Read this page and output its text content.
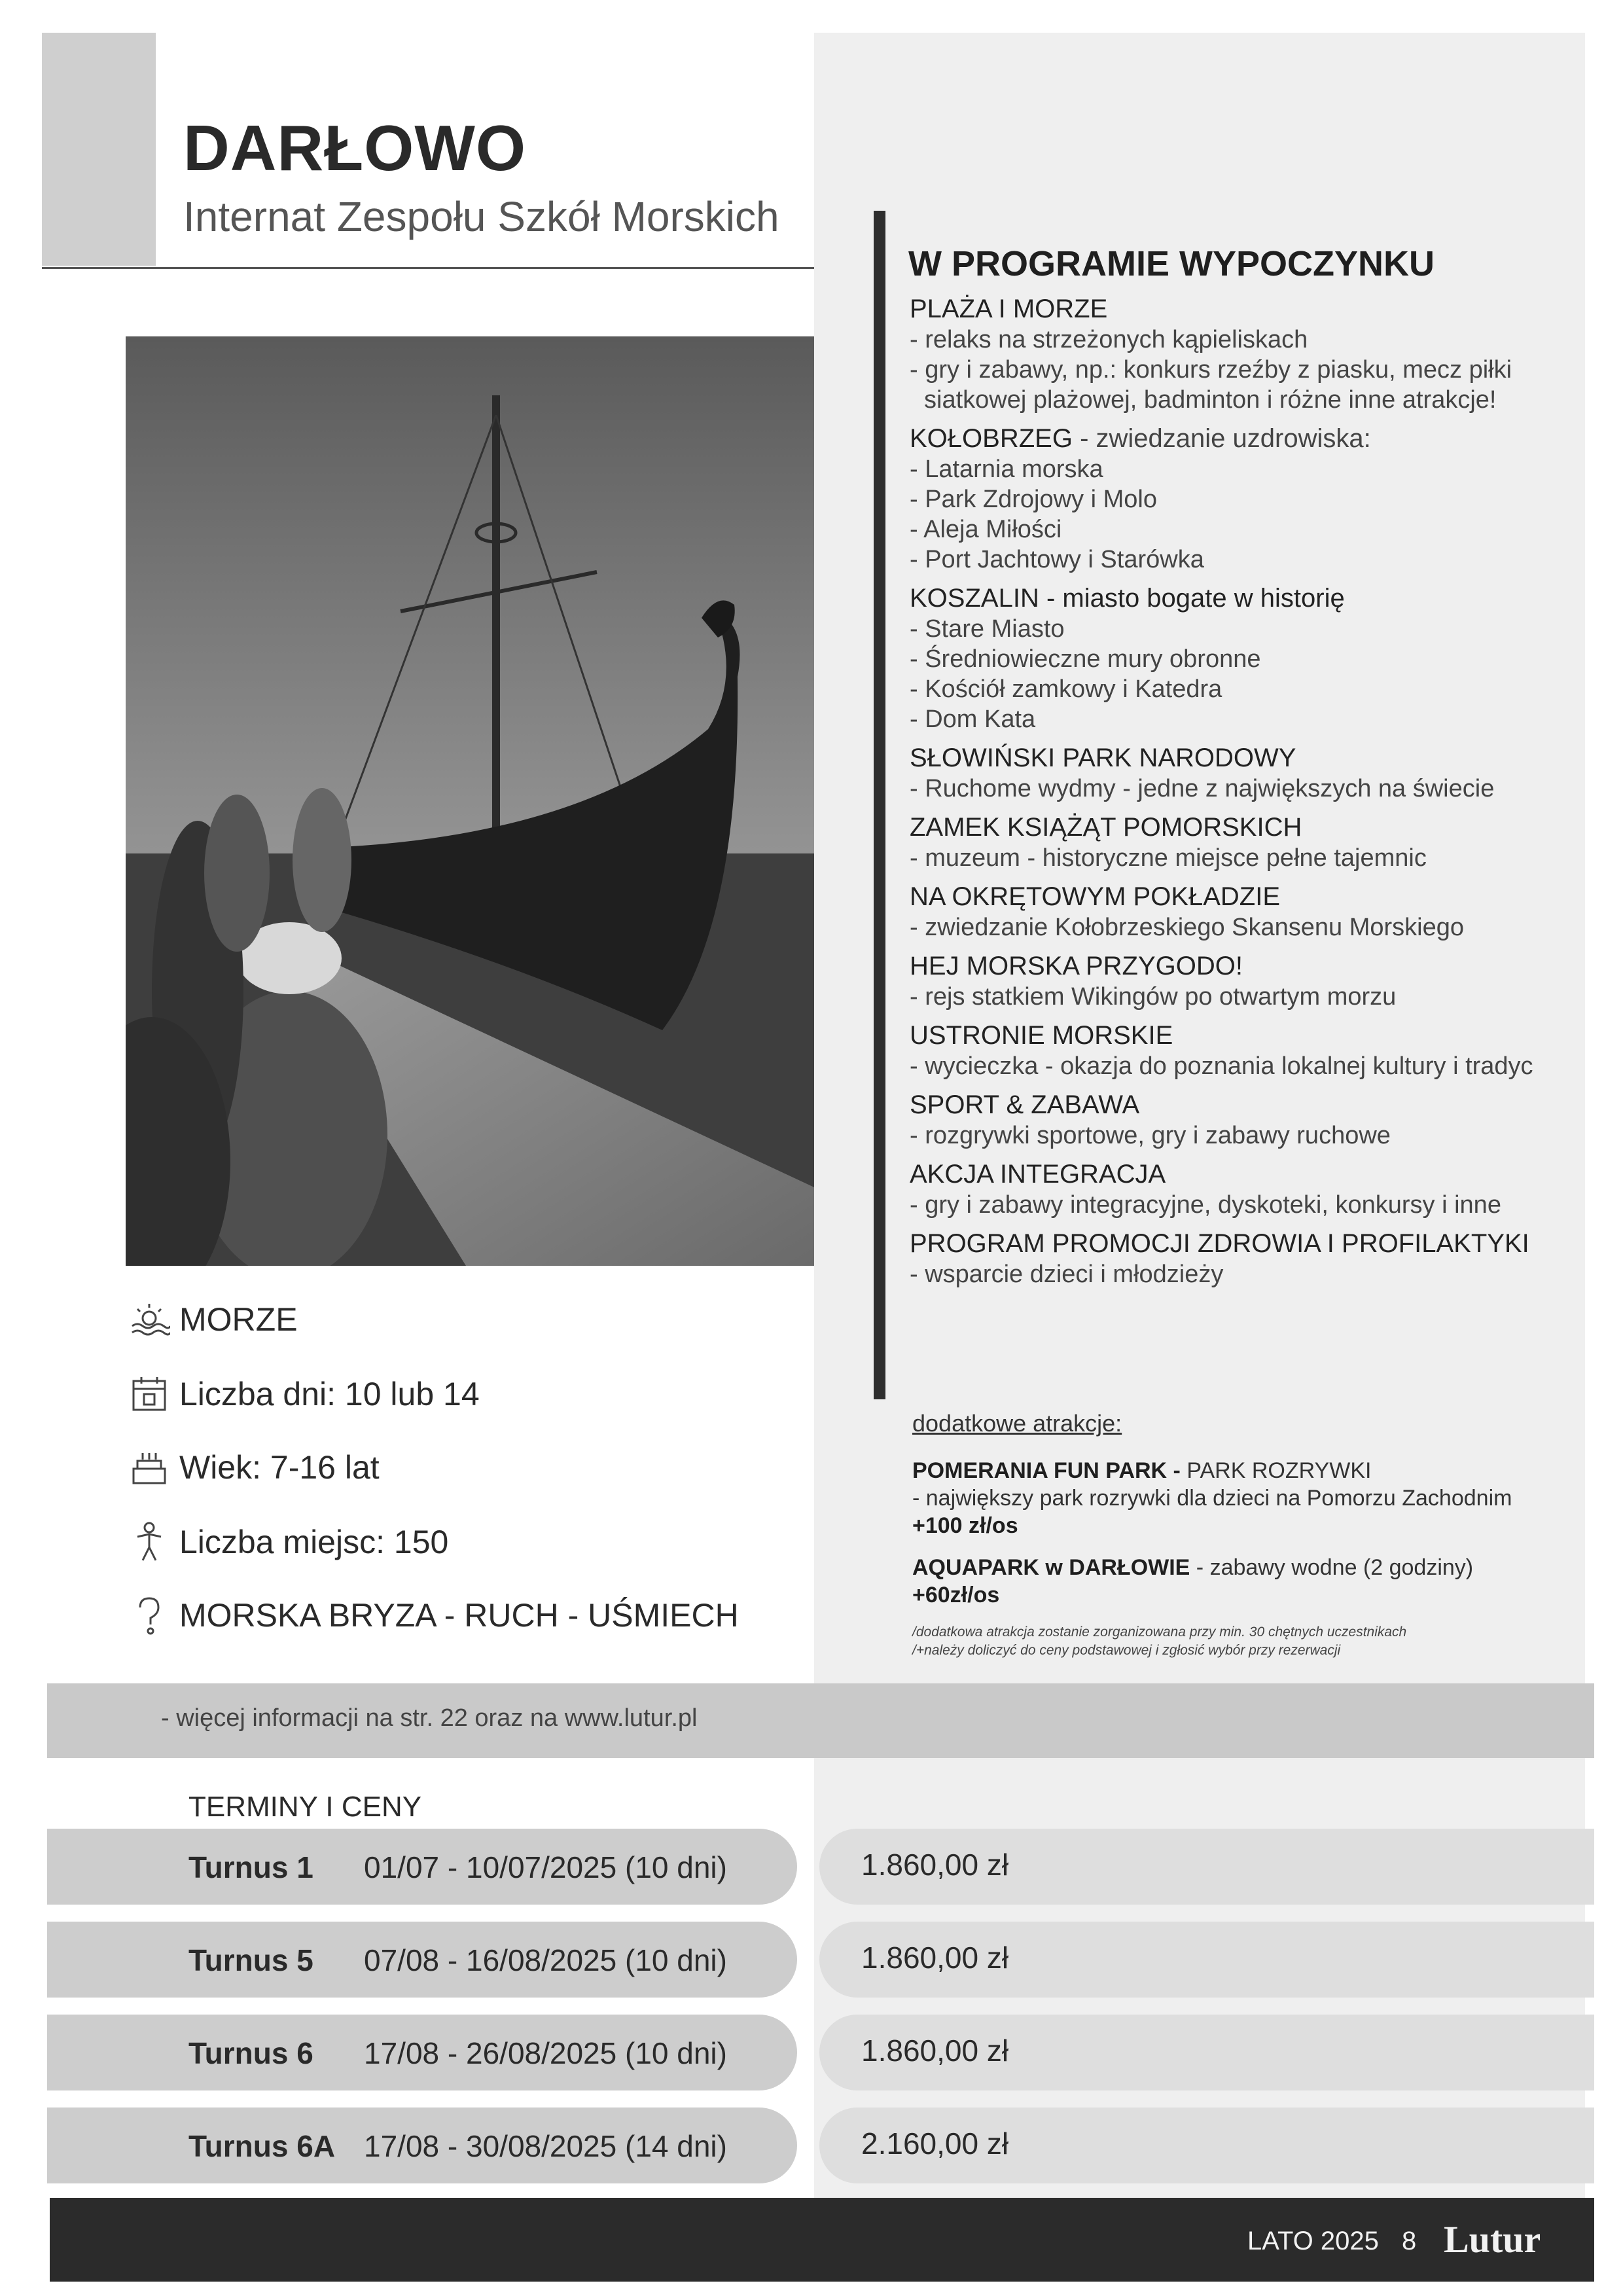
DARŁOWO
Internat Zespołu Szkół Morskich
MORZE
Liczba dni: 10 lub 14
Wiek: 7-16 lat
Liczba miejsc: 150
MORSKA BRYZA - RUCH - UŚMIECH
W PROGRAMIE WYPOCZYNKU
PLAŻA I MORZE
- relaks na strzeżonych kąpieliskach
- gry i zabawy, np.: konkurs rzeźby z piasku, mecz piłki
siatkowej plażowej, badminton i różne inne atrakcje!
KOŁOBRZEG - zwiedzanie uzdrowiska:
- Latarnia morska
- Park Zdrojowy i Molo
- Aleja Miłości
- Port Jachtowy i Starówka
KOSZALIN - miasto bogate w historię
- Stare Miasto
- Średniowieczne mury obronne
- Kościół zamkowy i Katedra
- Dom Kata
SŁOWIŃSKI PARK NARODOWY
- Ruchome wydmy - jedne z największych na świecie
ZAMEK KSIĄŻĄT POMORSKICH
- muzeum - historyczne miejsce pełne tajemnic
NA OKRĘTOWYM POKŁADZIE
- zwiedzanie Kołobrzeskiego Skansenu Morskiego
HEJ MORSKA PRZYGODO!
- rejs statkiem Wikingów po otwartym morzu
USTRONIE MORSKIE
- wycieczka - okazja do poznania lokalnej kultury i tradyc
SPORT & ZABAWA
- rozgrywki sportowe, gry i zabawy ruchowe
AKCJA INTEGRACJA
- gry i zabawy integracyjne, dyskoteki, konkursy i inne
PROGRAM PROMOCJI ZDROWIA I PROFILAKTYKI
- wsparcie dzieci i młodzieży
dodatkowe atrakcje:
POMERANIA FUN PARK - PARK ROZRYWKI
- największy park rozrywki dla dzieci na Pomorzu Zachodnim
+100 zł/os
AQUAPARK w DARŁOWIE - zabawy wodne (2 godziny)
+60zł/os
/dodatkowa atrakcja zostanie zorganizowana przy min. 30 chętnych uczestnikach
/+należy doliczyć do ceny podstawowej i zgłosić wybór przy rezerwacji
- więcej informacji na str. 22 oraz na www.lutur.pl
TERMINY I CENY
Turnus 1 01/07 - 10/07/2025 (10 dni)	1.860,00 zł
Turnus 5 07/08 - 16/08/2025 (10 dni)	1.860,00 zł
Turnus 6 17/08 - 26/08/2025 (10 dni)	1.860,00 zł
Turnus 6A 17/08 - 30/08/2025 (14 dni)	2.160,00 zł
LATO 2025 8 Lutur
